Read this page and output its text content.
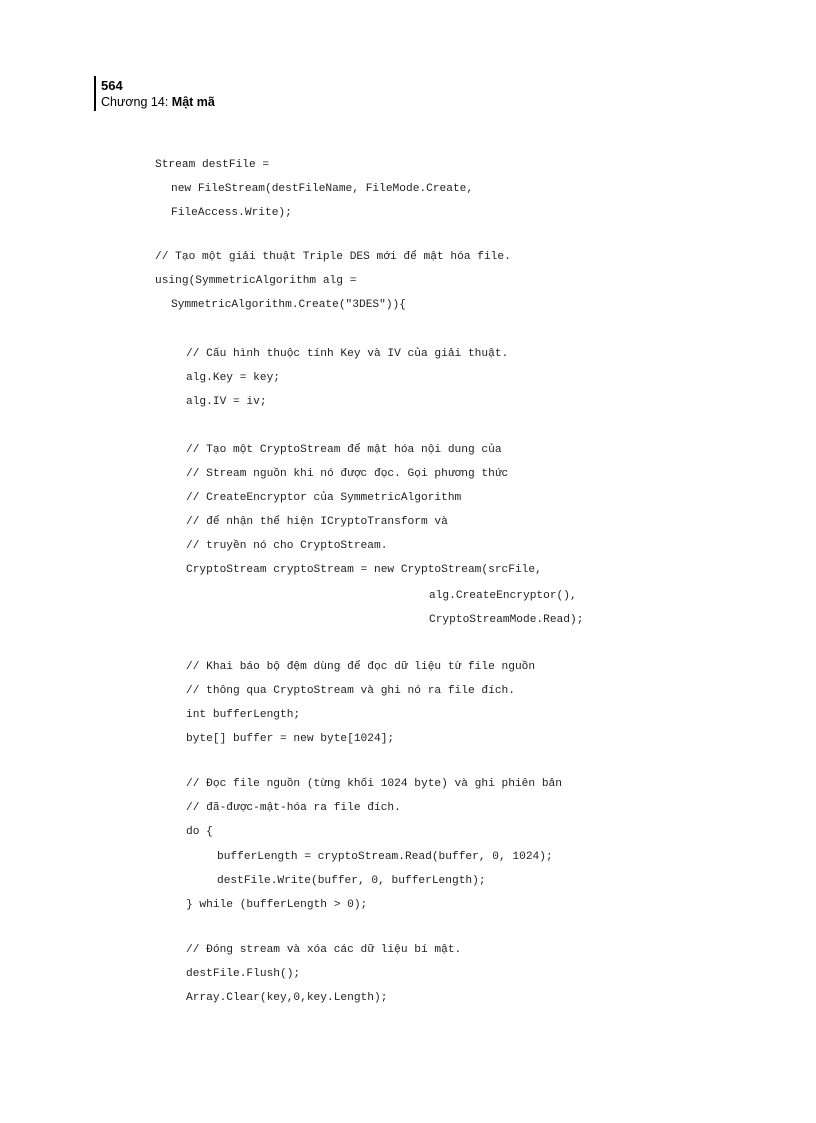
564
Chương 14: Mật mã
Stream destFile =
new FileStream(destFileName, FileMode.Create,
FileAccess.Write);
// Tạo một giải thuật Triple DES mới để mật hóa file.
using(SymmetricAlgorithm alg =
SymmetricAlgorithm.Create("3DES")){
// Cấu hình thuộc tính Key và IV của giải thuật.
alg.Key = key;
alg.IV = iv;
// Tạo một CryptoStream để mật hóa nội dung của
// Stream nguồn khi nó được đọc. Gọi phương thức
// CreateEncryptor của SymmetricAlgorithm
// để nhận thể hiện ICryptoTransform và
// truyền nó cho CryptoStream.
CryptoStream cryptoStream = new CryptoStream(srcFile,
alg.CreateEncryptor(),
CryptoStreamMode.Read);
// Khai báo bộ đệm dùng để đọc dữ liệu từ file nguồn
// thông qua CryptoStream và ghi nó ra file đích.
int bufferLength;
byte[] buffer = new byte[1024];
// Đọc file nguồn (từng khối 1024 byte) và ghi phiên bản
// đã-được-mật-hóa ra file đích.
do {
bufferLength = cryptoStream.Read(buffer, 0, 1024);
destFile.Write(buffer, 0, bufferLength);
} while (bufferLength > 0);
// Đóng stream và xóa các dữ liệu bí mật.
destFile.Flush();
Array.Clear(key,0,key.Length);
